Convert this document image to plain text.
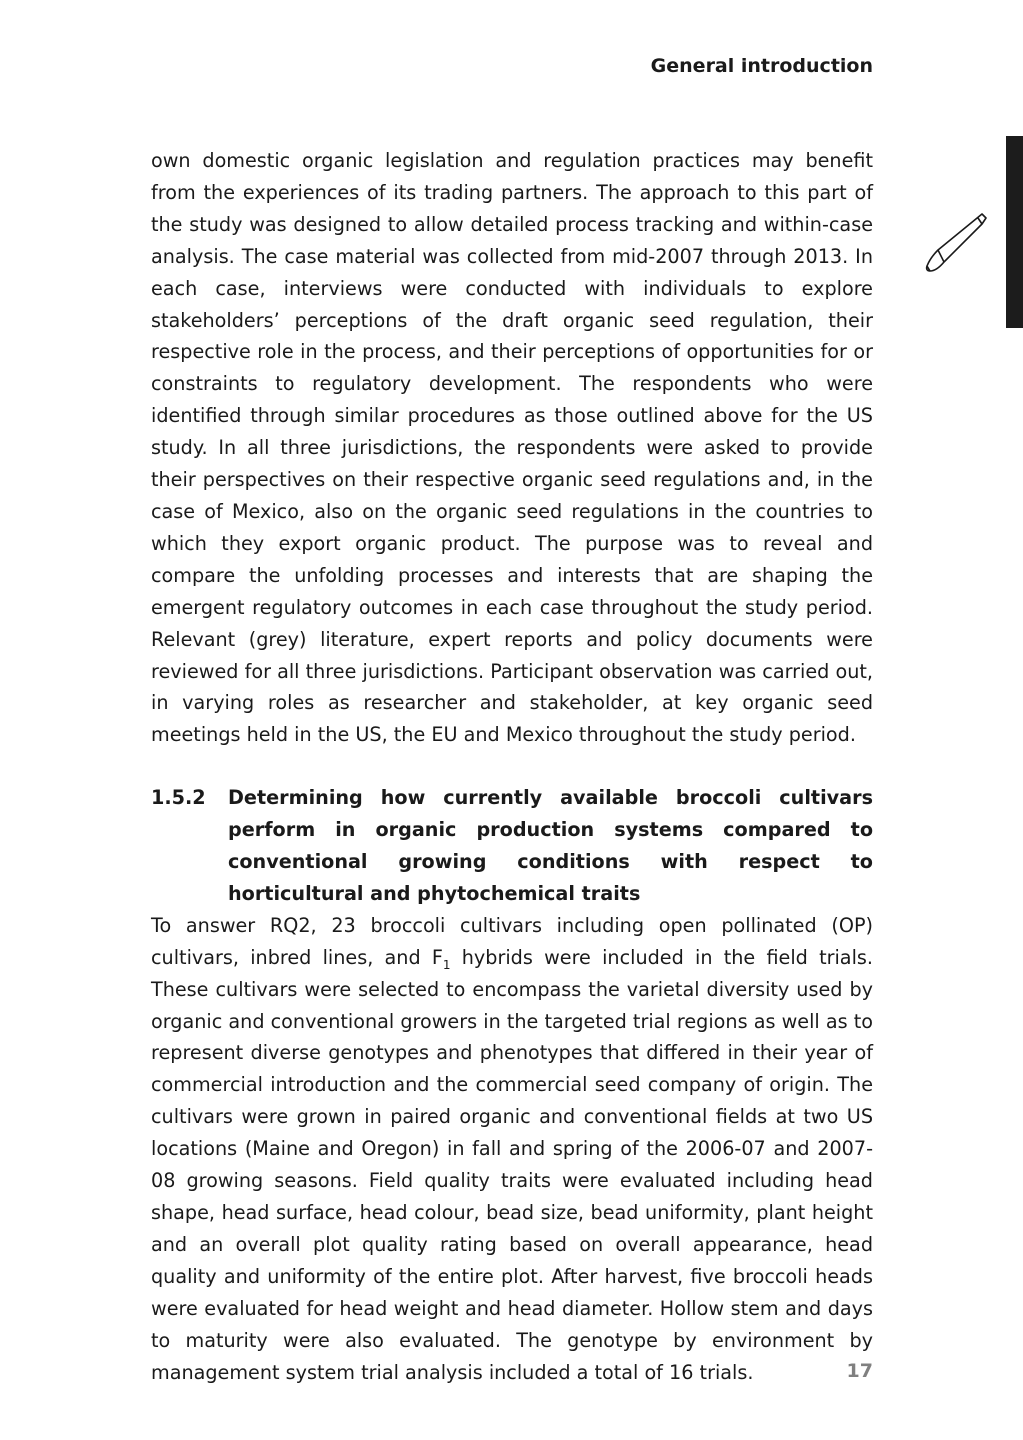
General introduction

own domestic organic legislation and regulation practices may benefit from the experiences of its trading partners. The approach to this part of the study was designed to allow detailed process tracking and within-case analysis. The case material was collected from mid-2007 through 2013. In each case, interviews were conducted with individuals to explore stakeholders’ perceptions of the draft organic seed regulation, their respective role in the process, and their perceptions of opportunities for or constraints to regulatory development. The respondents who were identified through similar procedures as those outlined above for the US study. In all three jurisdictions, the respondents were asked to provide their perspectives on their respective organic seed regulations and, in the case of Mexico, also on the organic seed regulations in the countries to which they export organic product. The purpose was to reveal and compare the unfolding processes and interests that are shaping the emergent regulatory outcomes in each case throughout the study period. Relevant (grey) literature, expert reports and policy documents were reviewed for all three jurisdictions. Participant observation was carried out, in varying roles as researcher and stakeholder, at key organic seed meetings held in the US, the EU and Mexico throughout the study period.

1.5.2	Determining how currently available broccoli cultivars perform in organic production systems compared to conventional growing conditions with respect to horticultural and phytochemical traits

To answer RQ2, 23 broccoli cultivars including open pollinated (OP) cultivars, inbred lines, and $F_1$ hybrids were included in the field trials. These cultivars were selected to encompass the varietal diversity used by organic and conventional growers in the targeted trial regions as well as to represent diverse genotypes and phenotypes that differed in their year of commercial introduction and the commercial seed company of origin. The cultivars were grown in paired organic and conventional fields at two US locations (Maine and Oregon) in fall and spring of the 2006-07 and 2007-08 growing seasons. Field quality traits were evaluated including head shape, head surface, head colour, bead size, bead uniformity, plant height and an overall plot quality rating based on overall appearance, head quality and uniformity of the entire plot. After harvest, five broccoli heads were evaluated for head weight and head diameter. Hollow stem and days to maturity were also evaluated. The genotype by environment by management system trial analysis included a total of 16 trials.	17
